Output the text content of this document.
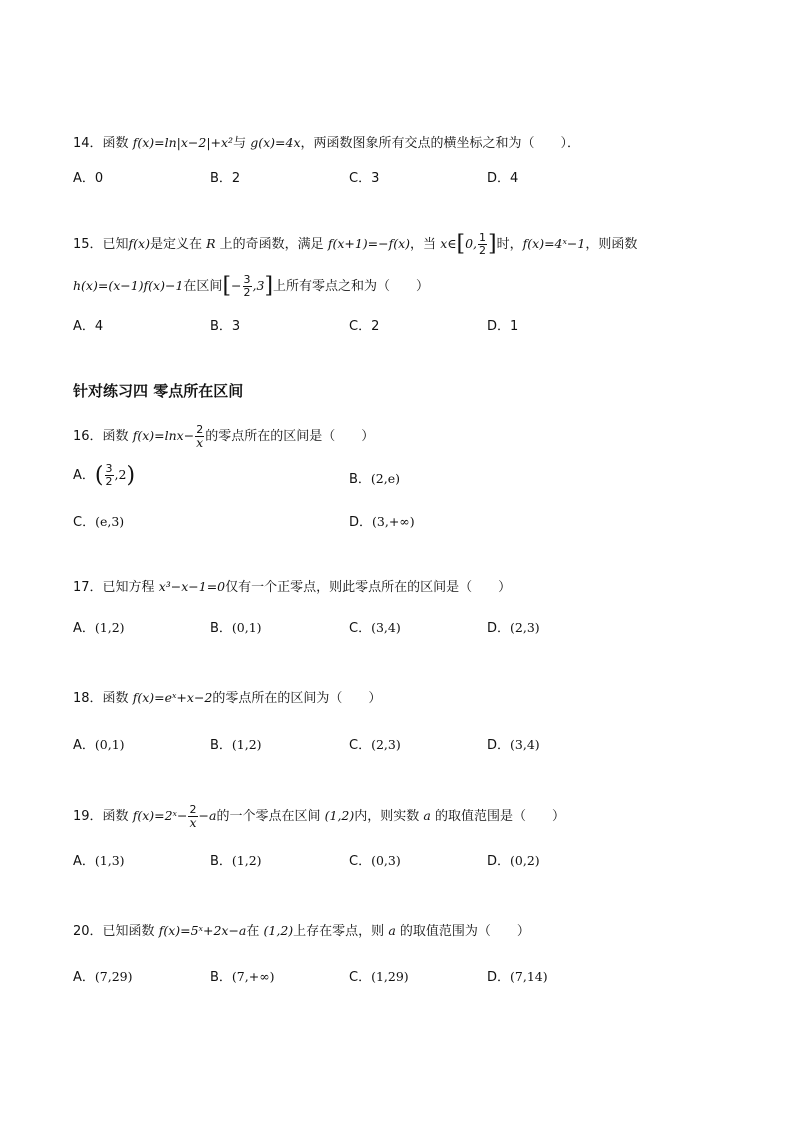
14．函数 f(x)=ln|x−2|+x²与 g(x)=4x，两函数图象所有交点的横坐标之和为（　　）．
A．0	B．2	C．3	D．4
15．已知f(x)是定义在 R 上的奇函数，满足 f(x+1)=−f(x)，当 x∈[0, $\frac{1}{2}$ ]时，f(x)=4ˣ−1，则函数
h(x)=(x−1)f(x)−1在区间[− $\frac{3}{2} ,3$]上所有零点之和为（　　）
A．4	B．3	C．2	D．1
针对练习四 零点所在区间
16．函数 $f(x)=\ln x- \frac{2}{x}$ 的零点所在的区间是（　　）
A．( $\frac{3}{2} ,2$)	B．(2,e)
C．(e,3)	D．(3,+∞)
17．已知方程 x³−x−1=0仅有一个正零点，则此零点所在的区间是（　　）
A．(1,2)	B．(0,1)	C．(3,4)	D．(2,3)
18．函数 f(x)=eˣ+x−2的零点所在的区间为（　　）
A．(0,1)	B．(1,2)	C．(2,3)	D．(3,4)
19．函数 f(x)=2ˣ− $\frac{2}{x} -a$的一个零点在区间 (1,2)内，则实数 a 的取值范围是（　　）
A．(1,3)	B．(1,2)	C．(0,3)	D．(0,2)
20．已知函数 f(x)=5ˣ+2x−a在 (1,2)上存在零点，则 a 的取值范围为（　　）
A．(7,29)	B．(7,+∞)	C．(1,29)	D．(7,14)
